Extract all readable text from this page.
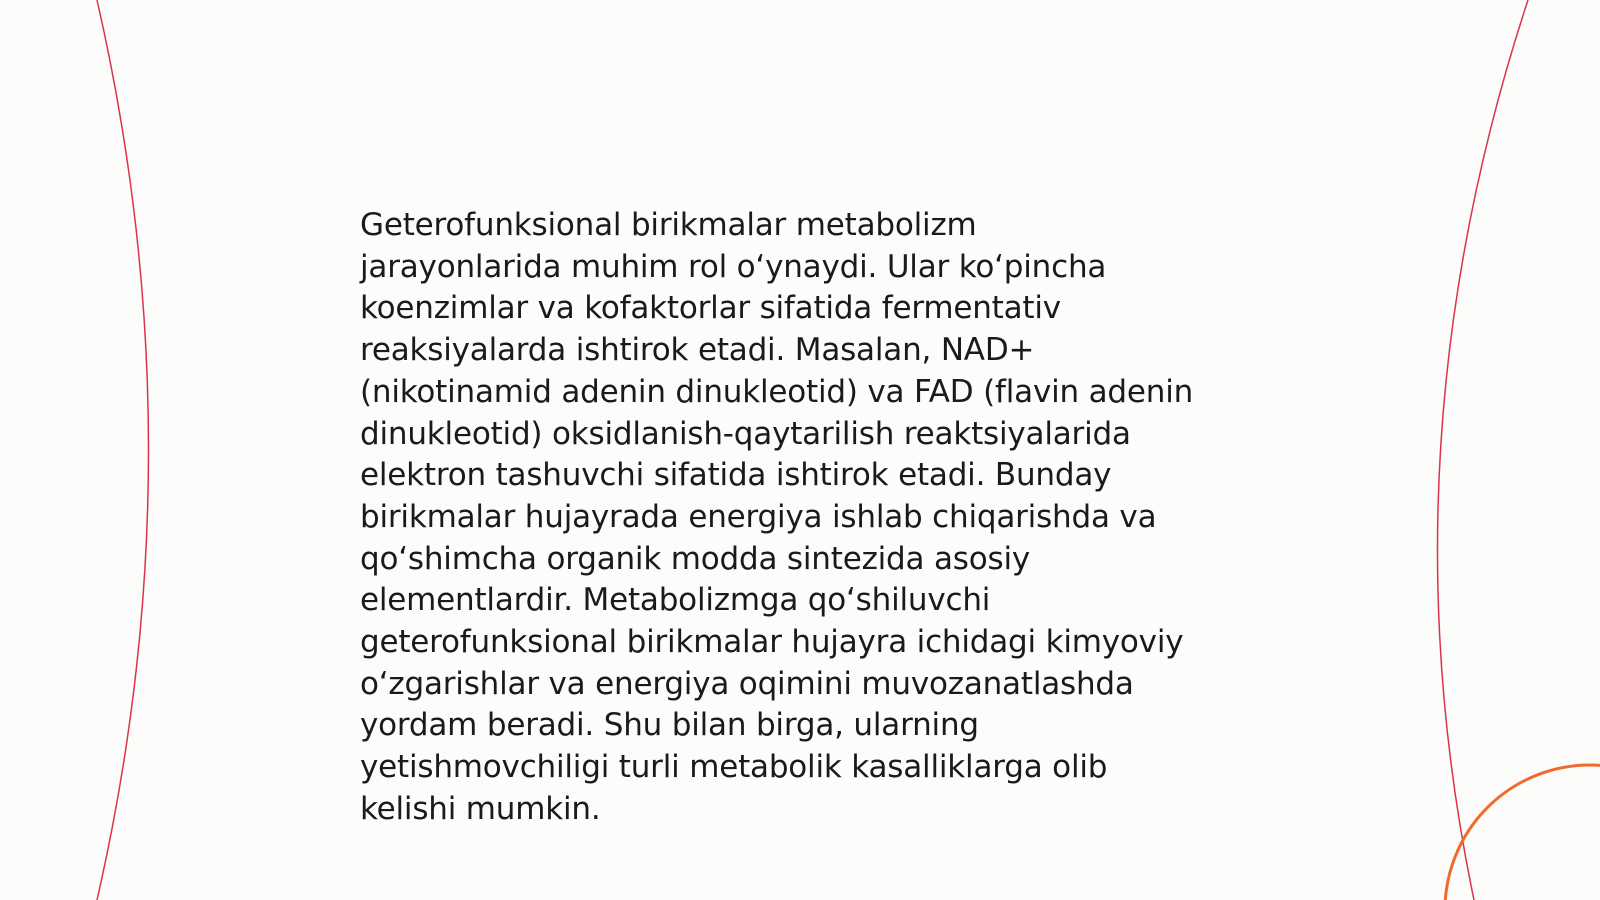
Geterofunksional birikmalar metabolizm
jarayonlarida muhim rol o‘ynaydi. Ular ko‘pincha
koenzimlar va kofaktorlar sifatida fermentativ
reaksiyalarda ishtirok etadi. Masalan, NAD+
(nikotinamid adenin dinukleotid) va FAD (flavin adenin
dinukleotid) oksidlanish-qaytarilish reaktsiyalarida
elektron tashuvchi sifatida ishtirok etadi. Bunday
birikmalar hujayrada energiya ishlab chiqarishda va
qo‘shimcha organik modda sintezida asosiy
elementlardir. Metabolizmga qo‘shiluvchi
geterofunksional birikmalar hujayra ichidagi kimyoviy
o‘zgarishlar va energiya oqimini muvozanatlashda
yordam beradi. Shu bilan birga, ularning
yetishmovchiligi turli metabolik kasalliklarga olib
kelishi mumkin.
